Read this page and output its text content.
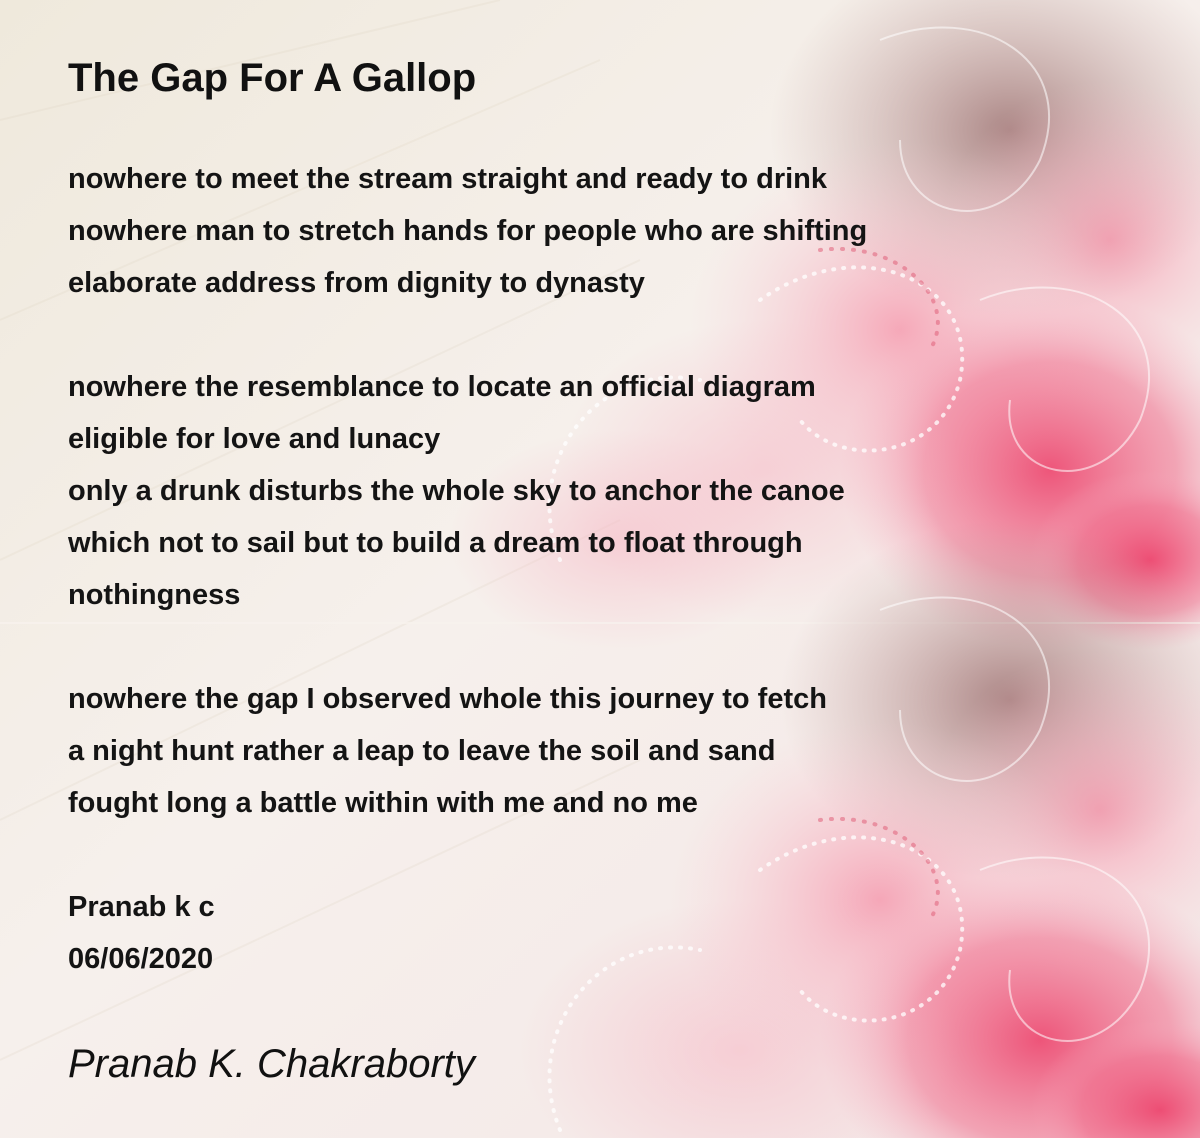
The Gap For A Gallop

nowhere to meet the stream straight and ready to drink
nowhere man to stretch hands for people who are shifting
elaborate address from dignity to dynasty

nowhere the resemblance to locate an official diagram
eligible for love and lunacy
only a drunk disturbs the whole sky to anchor the canoe
which not to sail but to build a dream to float through
nothingness

nowhere the gap I observed whole this journey to fetch
a night hunt rather a leap to leave the soil and sand
fought long a battle within with me and no me

Pranab k c
06/06/2020

Pranab K. Chakraborty
